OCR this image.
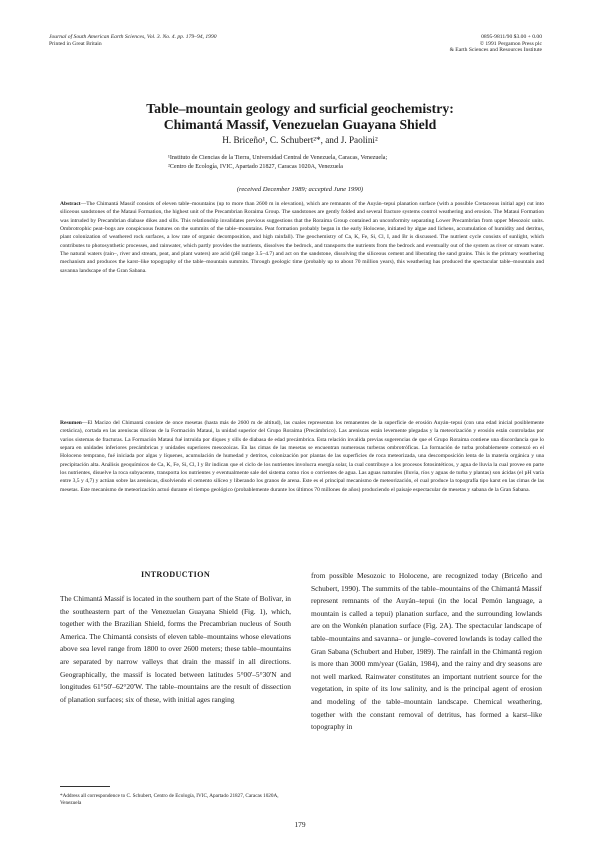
Journal of South American Earth Sciences, Vol. 3. No. 4. pp. 179–94, 1990
Printed in Great Britain
0895-9811/90 $3.00 + 0.00
© 1991 Pergamon Press plc
& Earth Sciences and Resources Institute
Table–mountain geology and surficial geochemistry:
Chimantá Massif, Venezuelan Guayana Shield
H. Briceño¹, C. Schubert²*, and J. Paolini²
¹Instituto de Ciencias de la Tierra, Universidad Central de Venezuela, Caracas, Venezuela;
²Centro de Ecología, IVIC, Apartado 21827, Caracas 1020A, Venezuela
(received December 1989; accepted June 1990)

Abstract—The Chimantá Massif consists of eleven table–mountains (up to more than 2600 m in elevation), which are remnants of the Auyán–tepui planation surface (with a possible Cretaceous initial age) cut into siliceous sandstones of the Mataui Formation, the highest unit of the Precambrian Roraima Group. The sandstones are gently folded and several fracture systems control weathering and erosion. The Mataui Formation was intruded by Precambrian diabase dikes and sills. This relationship invalidates previous suggestions that the Roraima Group contained an unconformity separating Lower Precambrian from upper Mesozoic units. Ombrotrophic peat–bogs are conspicuous features on the summits of the table–mountains. Peat formation probably began in the early Holocene, initiated by algae and lichens, accumulation of humidity and detritus, plant colonization of weathered rock surfaces, a low rate of organic decomposition, and high rainfall). The geochemistry of Ca, K, Fe, Si, Cl, I, and Br is discussed. The nutrient cycle consists of sunlight, which contributes to photosynthetic processes, and rainwater, which partly provides the nutrients, dissolves the bedrock, and transports the nutrients from the bedrock and eventually out of the system as river or stream water. The natural waters (rain–, river and stream, peat, and plant waters) are acid (pH range 3.5–4.7) and act on the sandstone, dissolving the siliceous cement and liberating the sand grains. This is the primary weathering mechanism and produces the karst–like topography of the table–mountain summits. Through geologic time (probably up to about 70 million years), this weathering has produced the spectacular table–mountain and savanna landscape of the Gran Sabana.

Resumen—El Macizo del Chimantá consiste de once mesetas (hasta más de 2600 m de altitud), las cuales representan los remanentes de la superficie de erosión Auyán–tepui (con una edad inicial posiblemente cretácica), cortada en las areniscas silíceas de la Formación Mataui, la unidad superior del Grupo Roraima (Precámbrico). Las areniscas están levemente plegadas y la meteorización y erosión están controladas por varios sistemas de fracturas. La Formación Mataui fué intruida por diques y sills de diabasa de edad precámbrica. Esta relación invalida previas sugerencias de que el Grupo Roraima contiene una discordancia que lo separa en unidades inferiores precámbricas y unidades superiores mesozoicas. En las cimas de las mesetas se encuentran numerosas turberas ombrotróficas. La formación de turba probablemente comenzó en el Holoceno temprano, fué iniciada por algas y líquenes, acumulación de humedad y detritos, colonización por plantas de las superficies de roca meteorizada, una descomposición lenta de la materia orgánica y una precipitación alta. Análisis geoquímicos de Ca, K, Fe, Si, Cl, I y Br indican que el ciclo de los nutrientes involucra energía solar, la cual contribuye a los procesos fotosintéticos, y agua de lluvia la cual provee en parte los nutrientes, disuelve la roca subyacente, transporta los nutrientes y eventualmente sale del sistema como ríos o corrientes de agua. Las aguas naturales (lluvia, ríos y aguas de turba y plantas) son ácidas (el pH varía entre 3,5 y 4,7) y actúan sobre las areniscas, disolviendo el cemento silíceo y liberando los granos de arena. Este es el principal mecanismo de meteorización, el cual produce la topografía tipo karst en las cimas de las mesetas. Este mecanismo de meteorización actuó durante el tiempo geológico (probablemente durante los últimos 70 millones de años) produciendo el paisaje espectacular de mesetas y sabana de la Gran Sabana.

INTRODUCTION

The Chimantá Massif is located in the southern part of the State of Bolívar, in the southeastern part of the Venezuelan Guayana Shield (Fig. 1), which, together with the Brazilian Shield, forms the Precambrian nucleus of South America. The Chimantá consists of eleven table–mountains whose elevations above sea level range from 1800 to over 2600 meters; these table–mountains are separated by narrow valleys that drain the massif in all directions. Geographically, the massif is located between latitudes 5°00'–5°30'N and longitudes 61°50'–62°20'W. The table–mountains are the result of dissection of planation surfaces; six of these, with initial ages ranging

from possible Mesozoic to Holocene, are recognized today (Briceño and Schubert, 1990). The summits of the table–mountains of the Chimantá Massif represent remnants of the Auyán–tepui (in the local Pemón language, a mountain is called a tepui) planation surface, and the surrounding lowlands are on the Wonkén planation surface (Fig. 2A). The spectacular landscape of table–mountains and savanna– or jungle–covered lowlands is today called the Gran Sabana (Schubert and Huber, 1989). The rainfall in the Chimantá region is more than 3000 mm/year (Galán, 1984), and the rainy and dry seasons are not well marked. Rainwater constitutes an important nutrient source for the vegetation, in spite of its low salinity, and is the principal agent of erosion and modeling of the table–mountain landscape. Chemical weathering, together with the constant removal of detritus, has formed a karst–like topography in

*Address all correspondence to C. Schubert, Centro de Ecología, IVIC, Apartado 21827, Caracas 1020A, Venezuela
179
